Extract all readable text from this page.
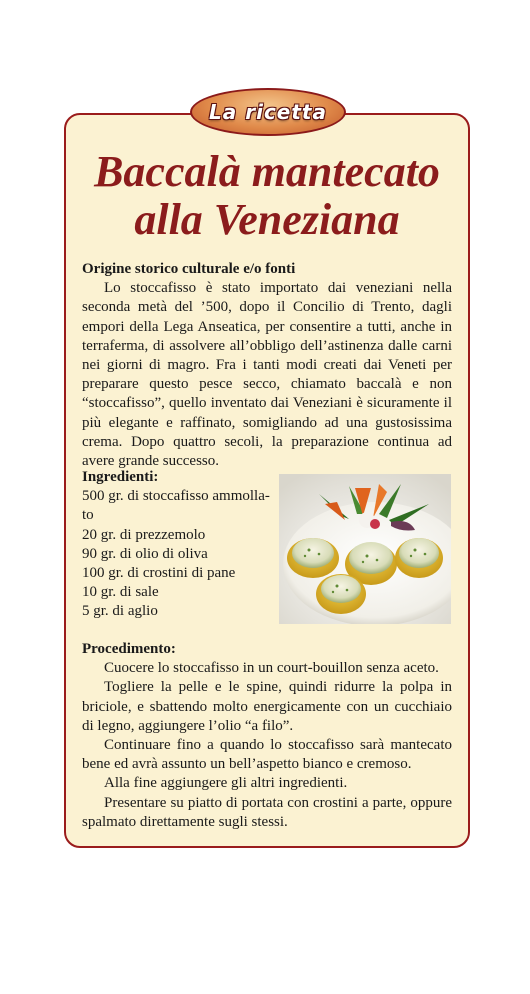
La ricetta
Baccalà mantecato
alla Veneziana
Origine storico culturale e/o fonti

Lo stoccafisso è stato importato dai veneziani nella seconda metà del ’500, dopo il Concilio di Trento, dagli empori della Lega Anseatica, per consentire a tutti, anche in terraferma, di assolvere all’obbligo dell’astinenza dalle carni nei giorni di magro. Fra i tanti modi creati dai Veneti per preparare questo pesce secco, chiamato baccalà e non “stoccafisso”, quello inventato dai Veneziani è sicuramente il più elegante e raffinato, somigliando ad una gustosissima crema. Dopo quattro secoli, la preparazione continua ad avere grande successo.

Ingredienti:
500 gr. di stoccafisso ammolla-
to
20 gr. di prezzemolo
90 gr. di olio di oliva
100 gr. di crostini di pane
10 gr. di sale
5 gr. di aglio
Procedimento:

Cuocere lo stoccafisso in un court-bouillon senza aceto.

Togliere la pelle e le spine, quindi ridurre la polpa in briciole, e sbattendo molto energicamente con un cucchiaio di legno, aggiungere l’olio “a filo”.

Continuare fino a quando lo stoccafisso sarà mantecato bene ed avrà assunto un bell’aspetto bianco e cremoso.

Alla fine aggiungere gli altri ingredienti.

Presentare su piatto di portata con crostini a parte, oppure spalmato direttamente sugli stessi.
